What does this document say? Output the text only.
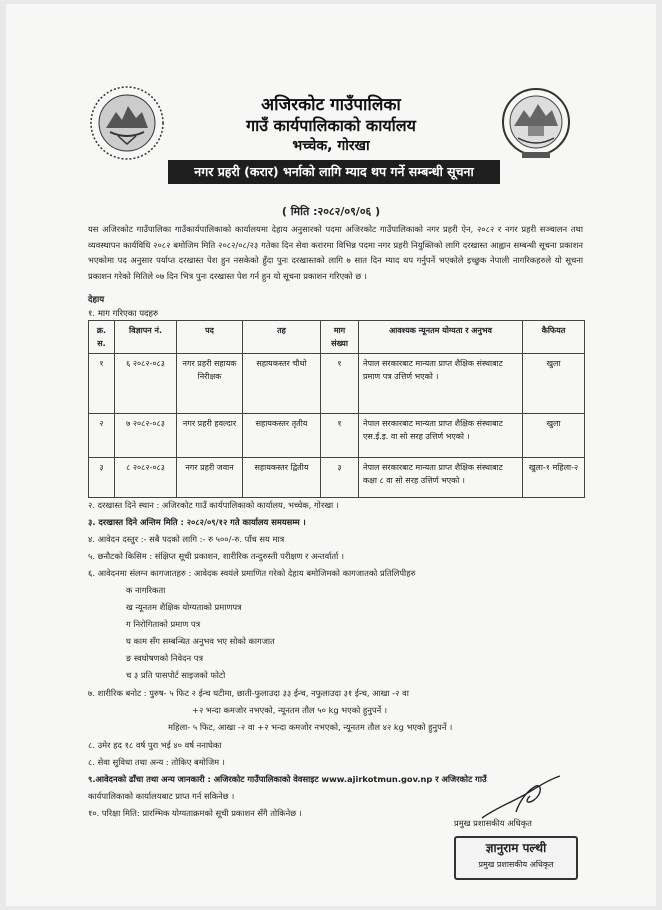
अजिरकोट गाउँपालिका
गाउँ कार्यपालिकाको कार्यालय
भच्चेक, गोरखा
नगर प्रहरी (करार) भर्नाको लागि म्याद थप गर्ने सम्बन्धी सूचना
( मिति :२०८२/०९/०६ )
यस अजिरकोट गाउँपालिका गाउँकार्यपालिकाको कार्यालयमा देहाय अनुसारको पदमा अजिरकोट गाउँपालिकाको नगर प्रहरी ऐन, २०८२ र नगर प्रहरी सञ्चालन तथा व्यवस्थापन कार्यविधि २०८२ बमोजिम मिति २०८२/०८/२३ गतेका दिन सेवा करारमा विभिन्न पदमा नगर प्रहरी नियुक्तिको लागि दरखास्त आह्वान सम्बन्धी सूचना प्रकाशन भएकोमा पद अनुसार पर्याप्त दरखास्त पेश हुन नसकेको हुँदा पुनः दरखास्तको लागि ७ सात दिन म्याद थप गर्नुपर्ने भएकोले इच्छुक नेपाली नागरिकहरुले यो सूचना प्रकाशन गरेको मितिले ०७ दिन भित्र पुनः दरखास्त पेश गर्न हुन यो सूचना प्रकाशन गरिएको छ ।
देहाय
१. माग गरिएका पदहरु
क्र. स.	विज्ञापन नं.	पद	तह	माग संख्या	आवश्यक न्यूनतम योग्यता र अनुभव	कैफियत
१	६ २०८२-०८३	नगर प्रहरी सहायक निरीक्षक	सहायकस्तर चौथो	१	नेपाल सरकारबाट मान्यता प्राप्त शैक्षिक संस्थाबाट प्रमाण पत्र उत्तिर्ण भएको ।	खुला
२	७ २०८२-०८३	नगर प्रहरी हवल्दार	सहायकस्तर तृतीय	१	नेपाल सरकारबाट मान्यता प्राप्त शैक्षिक संस्थाबाट एस.ई.इ. वा सो सरह उत्तिर्ण भएको ।	खुला
३	८ २०८२-०८३	नगर प्रहरी जवान	सहायकस्तर द्वितीय	३	नेपाल सरकारबाट मान्यता प्राप्त शैक्षिक संस्थाबाट कक्षा ८ वा सो सरह उत्तिर्ण भएको ।	खुला-१ महिला-२
२. दरखास्त दिने स्थान : अजिरकोट गाउँ कार्यपालिकाको कार्यालय, भच्चेक, गोरखा ।
३. दरखास्त दिने अन्तिम मिति : २०८२/०९/१२ गते कार्यालय समयसम्म ।
४. आवेदन दस्तुर :- सबै पदको लागि :- रु ५००/-रु. पाँच सय मात्र
५. छनौटको किसिम : संक्षिप्त सूची प्रकाशन, शारीरिक तन्दुरुस्ती परीक्षण र अन्तर्वार्ता ।
६. आवेदनमा संलग्न कागजातहरु : आवेदक स्वयंले प्रमाणित गरेको देहाय बमोजिमको कागजातको प्रतिलिपीहरु
क नागरिकता
ख न्यूनतम शैक्षिक योग्यताको प्रमाणपत्र
ग निरोगिताको प्रमाण पत्र
घ काम सँग सम्बन्धित अनुभव भए सोको कागजात
ङ स्वघोषणको निवेदन पत्र
च ३ प्रति पासपोर्ट साइजको फोटो
७. शारीरिक बनोट : पुरुष- ५ फिट २ ईन्च घटीमा, छाती-फुलाउदा ३३ ईन्च, नफुलाउदा ३१ ईन्च, आखा -२ वा
+२ भन्दा कमजोर नभएको, न्यूनतम तौल ५० kg भएको हुनुपर्ने ।
महिला- ५ फिट, आखा -२ वा +२ भन्दा कमजोर नभएको, न्यूनतम तौल ४२ kg भएको हुनुपर्ने ।
८. उमेर हद १८ वर्ष पुरा भई ४० वर्ष ननाघेका
८. सेवा सुविधा तथा अन्य : तोकिए बमोजिम ।
९.आवेदनको ढाँचा तथा अन्य जानकारी : अजिरकोट गाउँपालिकाको वेवसाइट www.ajirkotmun.gov.np र अजिरकोट गाउँ
कार्यपालिकाको कार्यालयबाट प्राप्त गर्न सकिनेछ ।
१०. परिक्षा मिति: प्रारम्भिक योग्यताक्रमको सूची प्रकाशन सँगै तोकिनेछ ।
प्रमुख प्रशासकीय अधिकृत
ज्ञानुराम पल्थी
प्रमुख प्रशासकीय अधिकृत
